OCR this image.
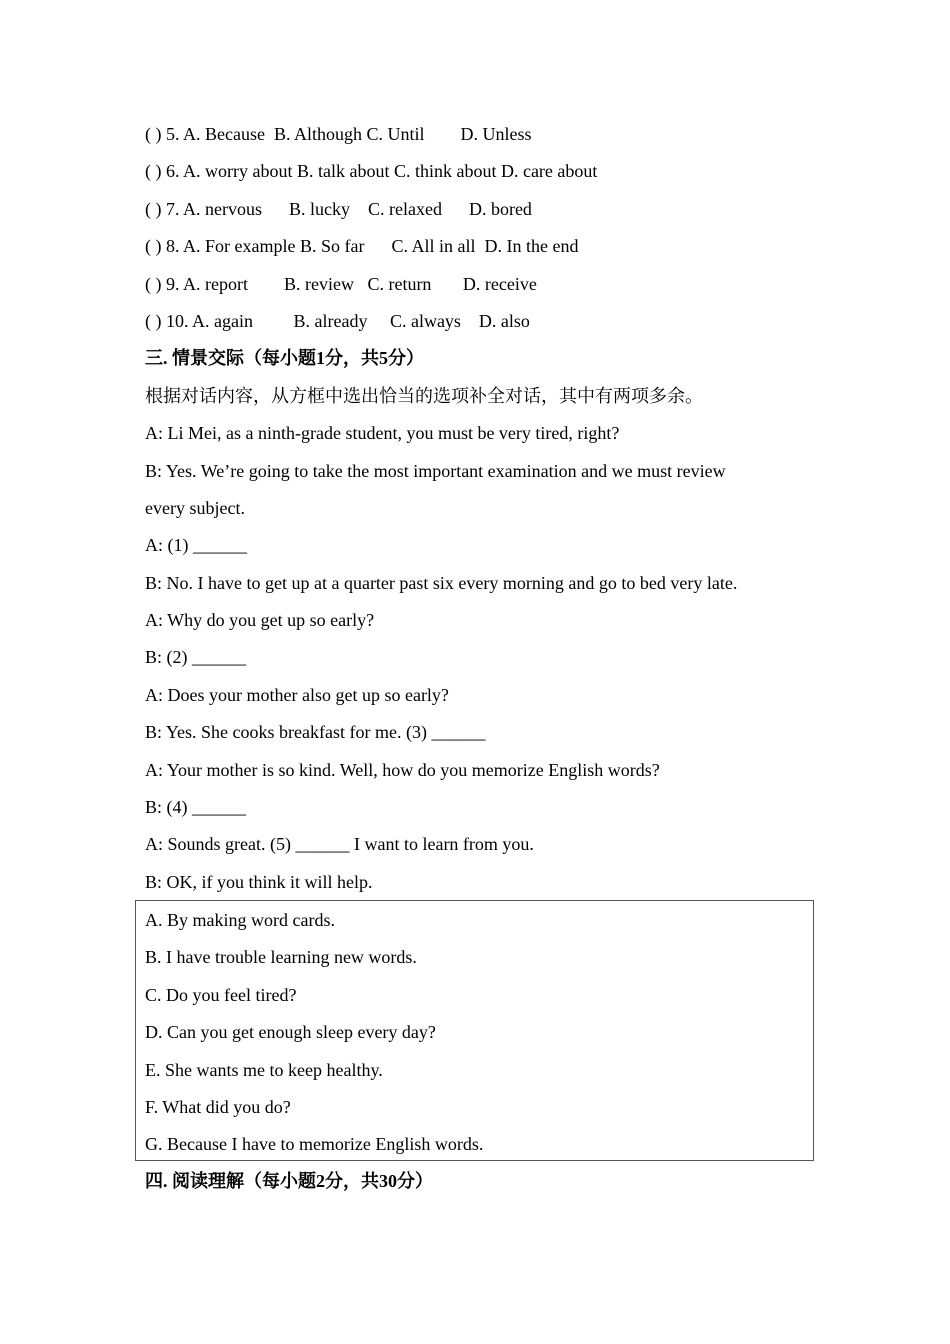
( ) 5. A. Because  B. Although C. Until        D. Unless
( ) 6. A. worry about B. talk about C. think about D. care about
( ) 7. A. nervous      B. lucky    C. relaxed      D. bored
( ) 8. A. For example B. So far      C. All in all  D. In the end
( ) 9. A. report        B. review   C. return       D. receive
( ) 10. A. again         B. already     C. always    D. also
三. 情景交际（每小题1分，共5分）
根据对话内容，从方框中选出恰当的选项补全对话，其中有两项多余。
A: Li Mei, as a ninth-grade student, you must be very tired, right?
B: Yes. We’re going to take the most important examination and we must review
every subject.
A: (1) ______
B: No. I have to get up at a quarter past six every morning and go to bed very late.
A: Why do you get up so early?
B: (2) ______
A: Does your mother also get up so early?
B: Yes. She cooks breakfast for me. (3) ______
A: Your mother is so kind. Well, how do you memorize English words?
B: (4) ______
A: Sounds great. (5) ______ I want to learn from you.
B: OK, if you think it will help.
A. By making word cards.
B. I have trouble learning new words.
C. Do you feel tired?
D. Can you get enough sleep every day?
E. She wants me to keep healthy.
F. What did you do?
G. Because I have to memorize English words.
四. 阅读理解（每小题2分，共30分）
